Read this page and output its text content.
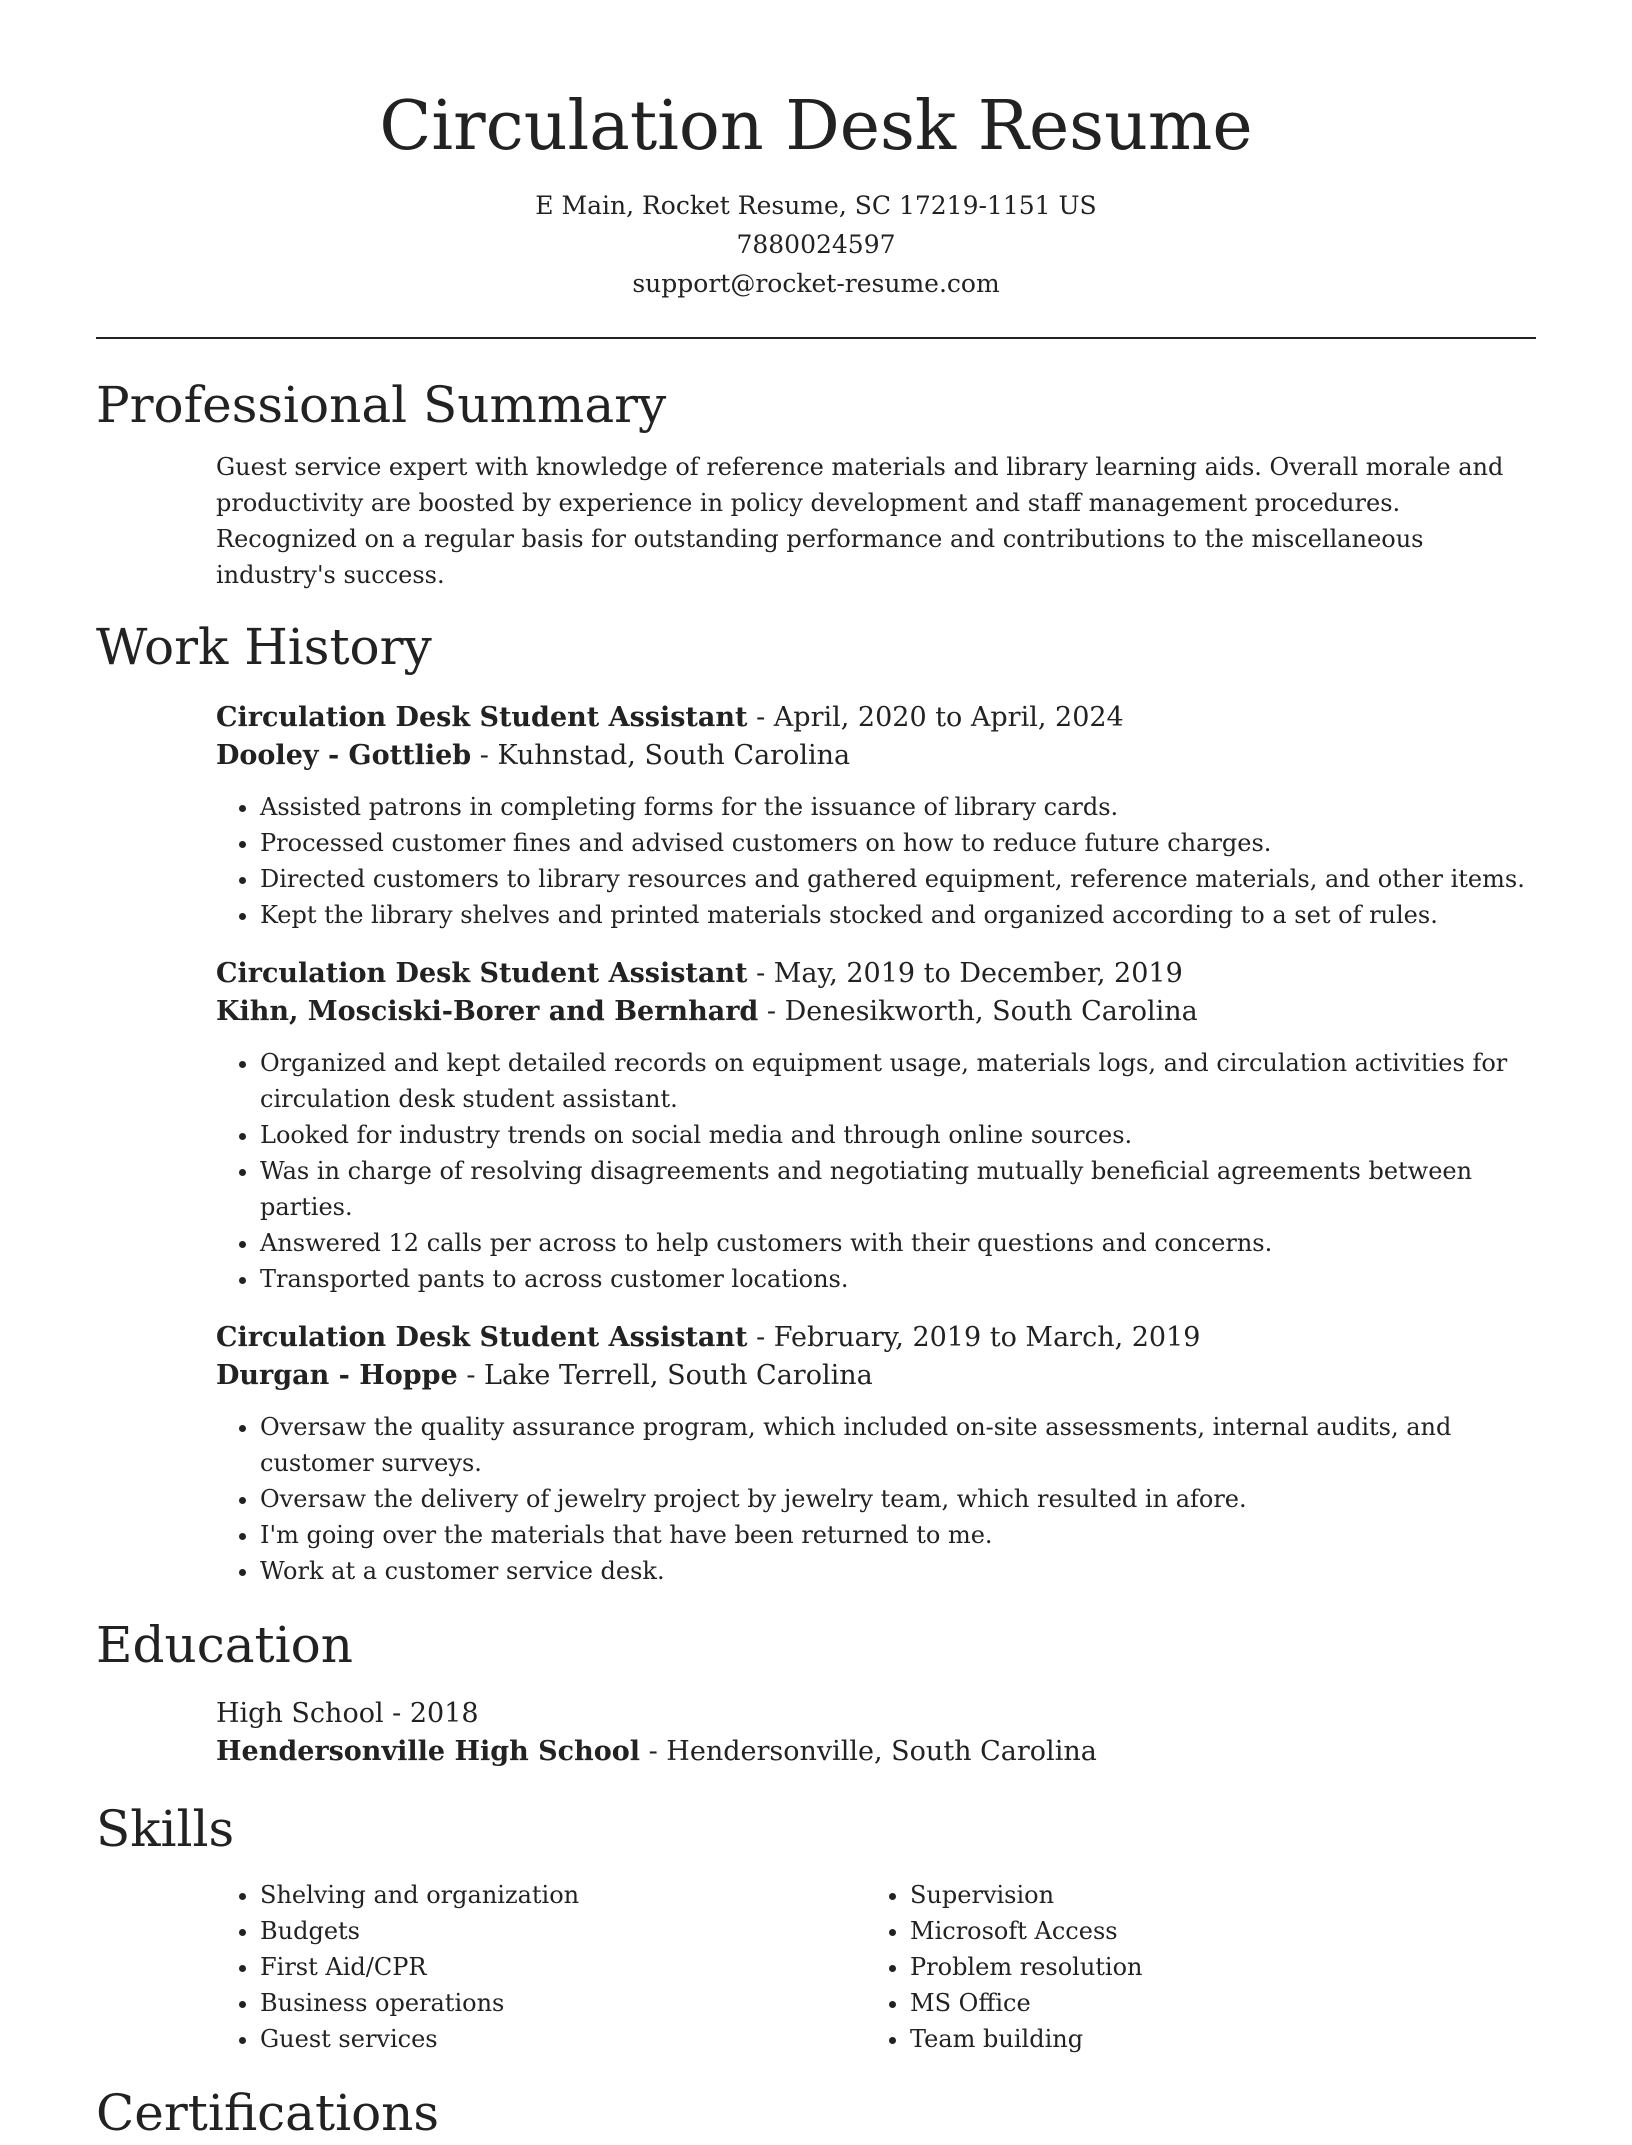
Circulation Desk Resume
E Main, Rocket Resume, SC 17219-1151 US
7880024597
support@rocket-resume.com
Professional Summary

Guest service expert with knowledge of reference materials and library learning aids. Overall morale and productivity are boosted by experience in policy development and staff management procedures. Recognized on a regular basis for outstanding performance and contributions to the miscellaneous industry's success.

Work History
Circulation Desk Student Assistant - April, 2020 to April, 2024
Dooley - Gottlieb - Kuhnstad, South Carolina
• Assisted patrons in completing forms for the issuance of library cards.
• Processed customer fines and advised customers on how to reduce future charges.
• Directed customers to library resources and gathered equipment, reference materials, and other items.
• Kept the library shelves and printed materials stocked and organized according to a set of rules.
Circulation Desk Student Assistant - May, 2019 to December, 2019
Kihn, Mosciski-Borer and Bernhard - Denesikworth, South Carolina
• Organized and kept detailed records on equipment usage, materials logs, and circulation activities for circulation desk student assistant.
• Looked for industry trends on social media and through online sources.
• Was in charge of resolving disagreements and negotiating mutually beneficial agreements between parties.
• Answered 12 calls per across to help customers with their questions and concerns.
• Transported pants to across customer locations.
Circulation Desk Student Assistant - February, 2019 to March, 2019
Durgan - Hoppe - Lake Terrell, South Carolina
• Oversaw the quality assurance program, which included on-site assessments, internal audits, and customer surveys.
• Oversaw the delivery of jewelry project by jewelry team, which resulted in afore.
• I'm going over the materials that have been returned to me.
• Work at a customer service desk.
Education
High School - 2018
Hendersonville High School - Hendersonville, South Carolina
Skills
• Shelving and organization
• Budgets
• First Aid/CPR
• Business operations
• Guest services
• Supervision
• Microsoft Access
• Problem resolution
• MS Office
• Team building
Certifications
